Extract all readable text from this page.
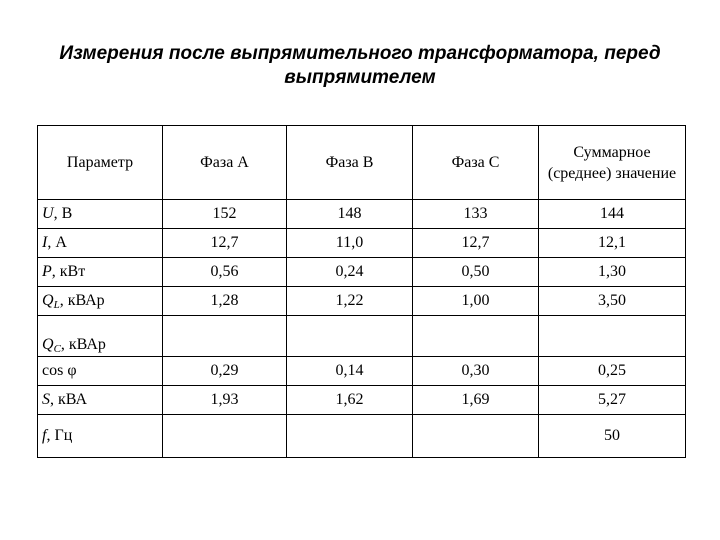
Измерения после выпрямительного трансформатора, перед выпрямителем
Параметр	Фаза A	Фаза B	Фаза C	Суммарное (среднее) значение
U, В	152	148	133	144
I, А	12,7	11,0	12,7	12,1
P, кВт	0,56	0,24	0,50	1,30
$Q_L$, кВАр	1,28	1,22	1,00	3,50
$Q_C$, кВАр				
cos φ	0,29	0,14	0,30	0,25
S, кВА	1,93	1,62	1,69	5,27
f, Гц				50
